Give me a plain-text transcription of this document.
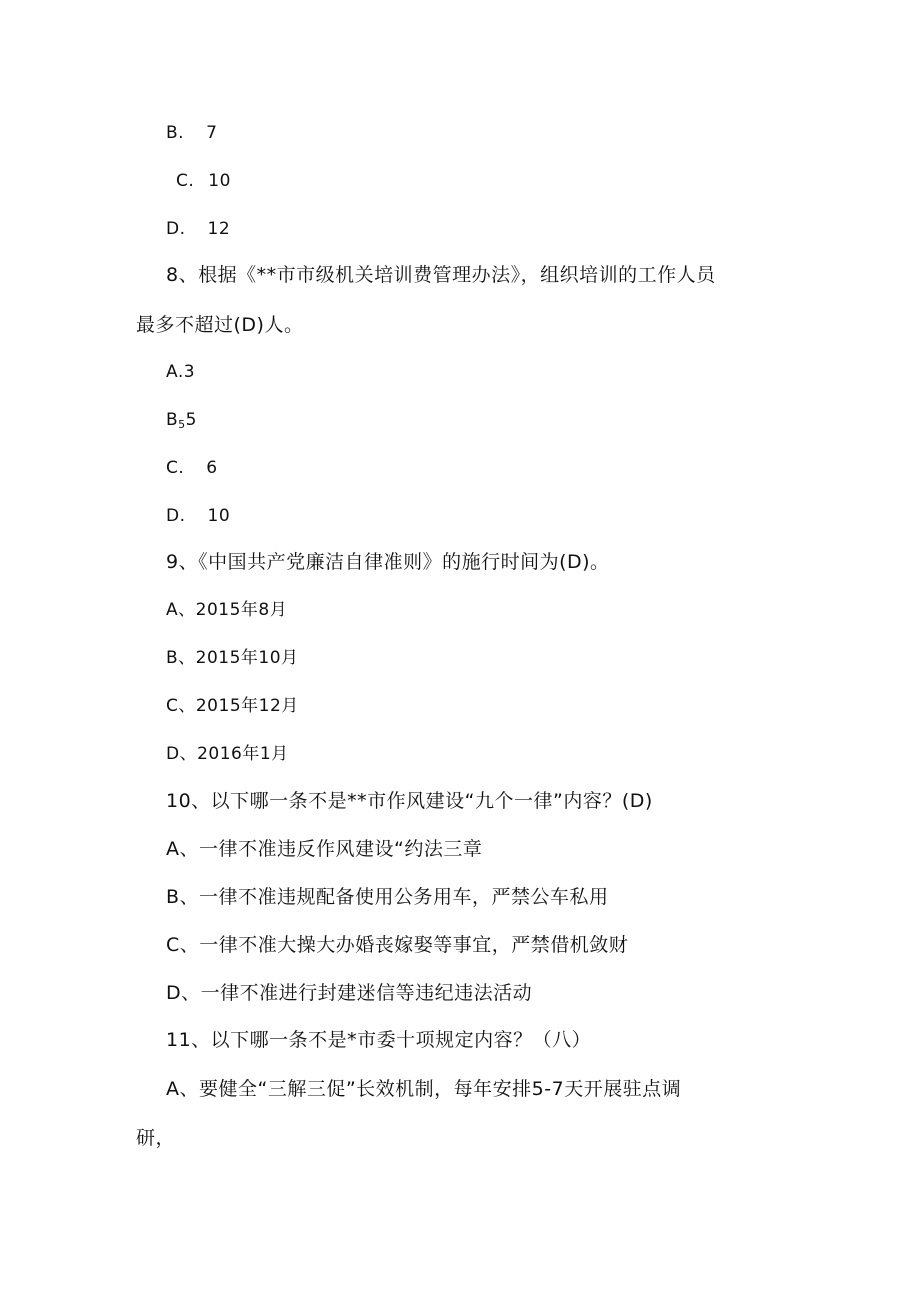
B. 7
C. 10
D. 12
8、根据《**市市级机关培训费管理办法》，组织培训的工作人员
最多不超过(D)人。
A.3
$B_55$
C. 6
D. 10
9、《中国共产党廉洁自律准则》的施行时间为(D)。
A、2015年8月
B、2015年10月
C、2015年12月
D、2016年1月
10、以下哪一条不是**市作风建设“九个一律”内容？(D)
A、一律不准违反作风建设“约法三章
B、一律不准违规配备使用公务用车，严禁公车私用
C、一律不准大操大办婚丧嫁娶等事宜，严禁借机敛财
D、一律不准进行封建迷信等违纪违法活动
11、以下哪一条不是*市委十项规定内容？（八）
A、要健全“三解三促”长效机制，每年安排5-7天开展驻点调
研，
